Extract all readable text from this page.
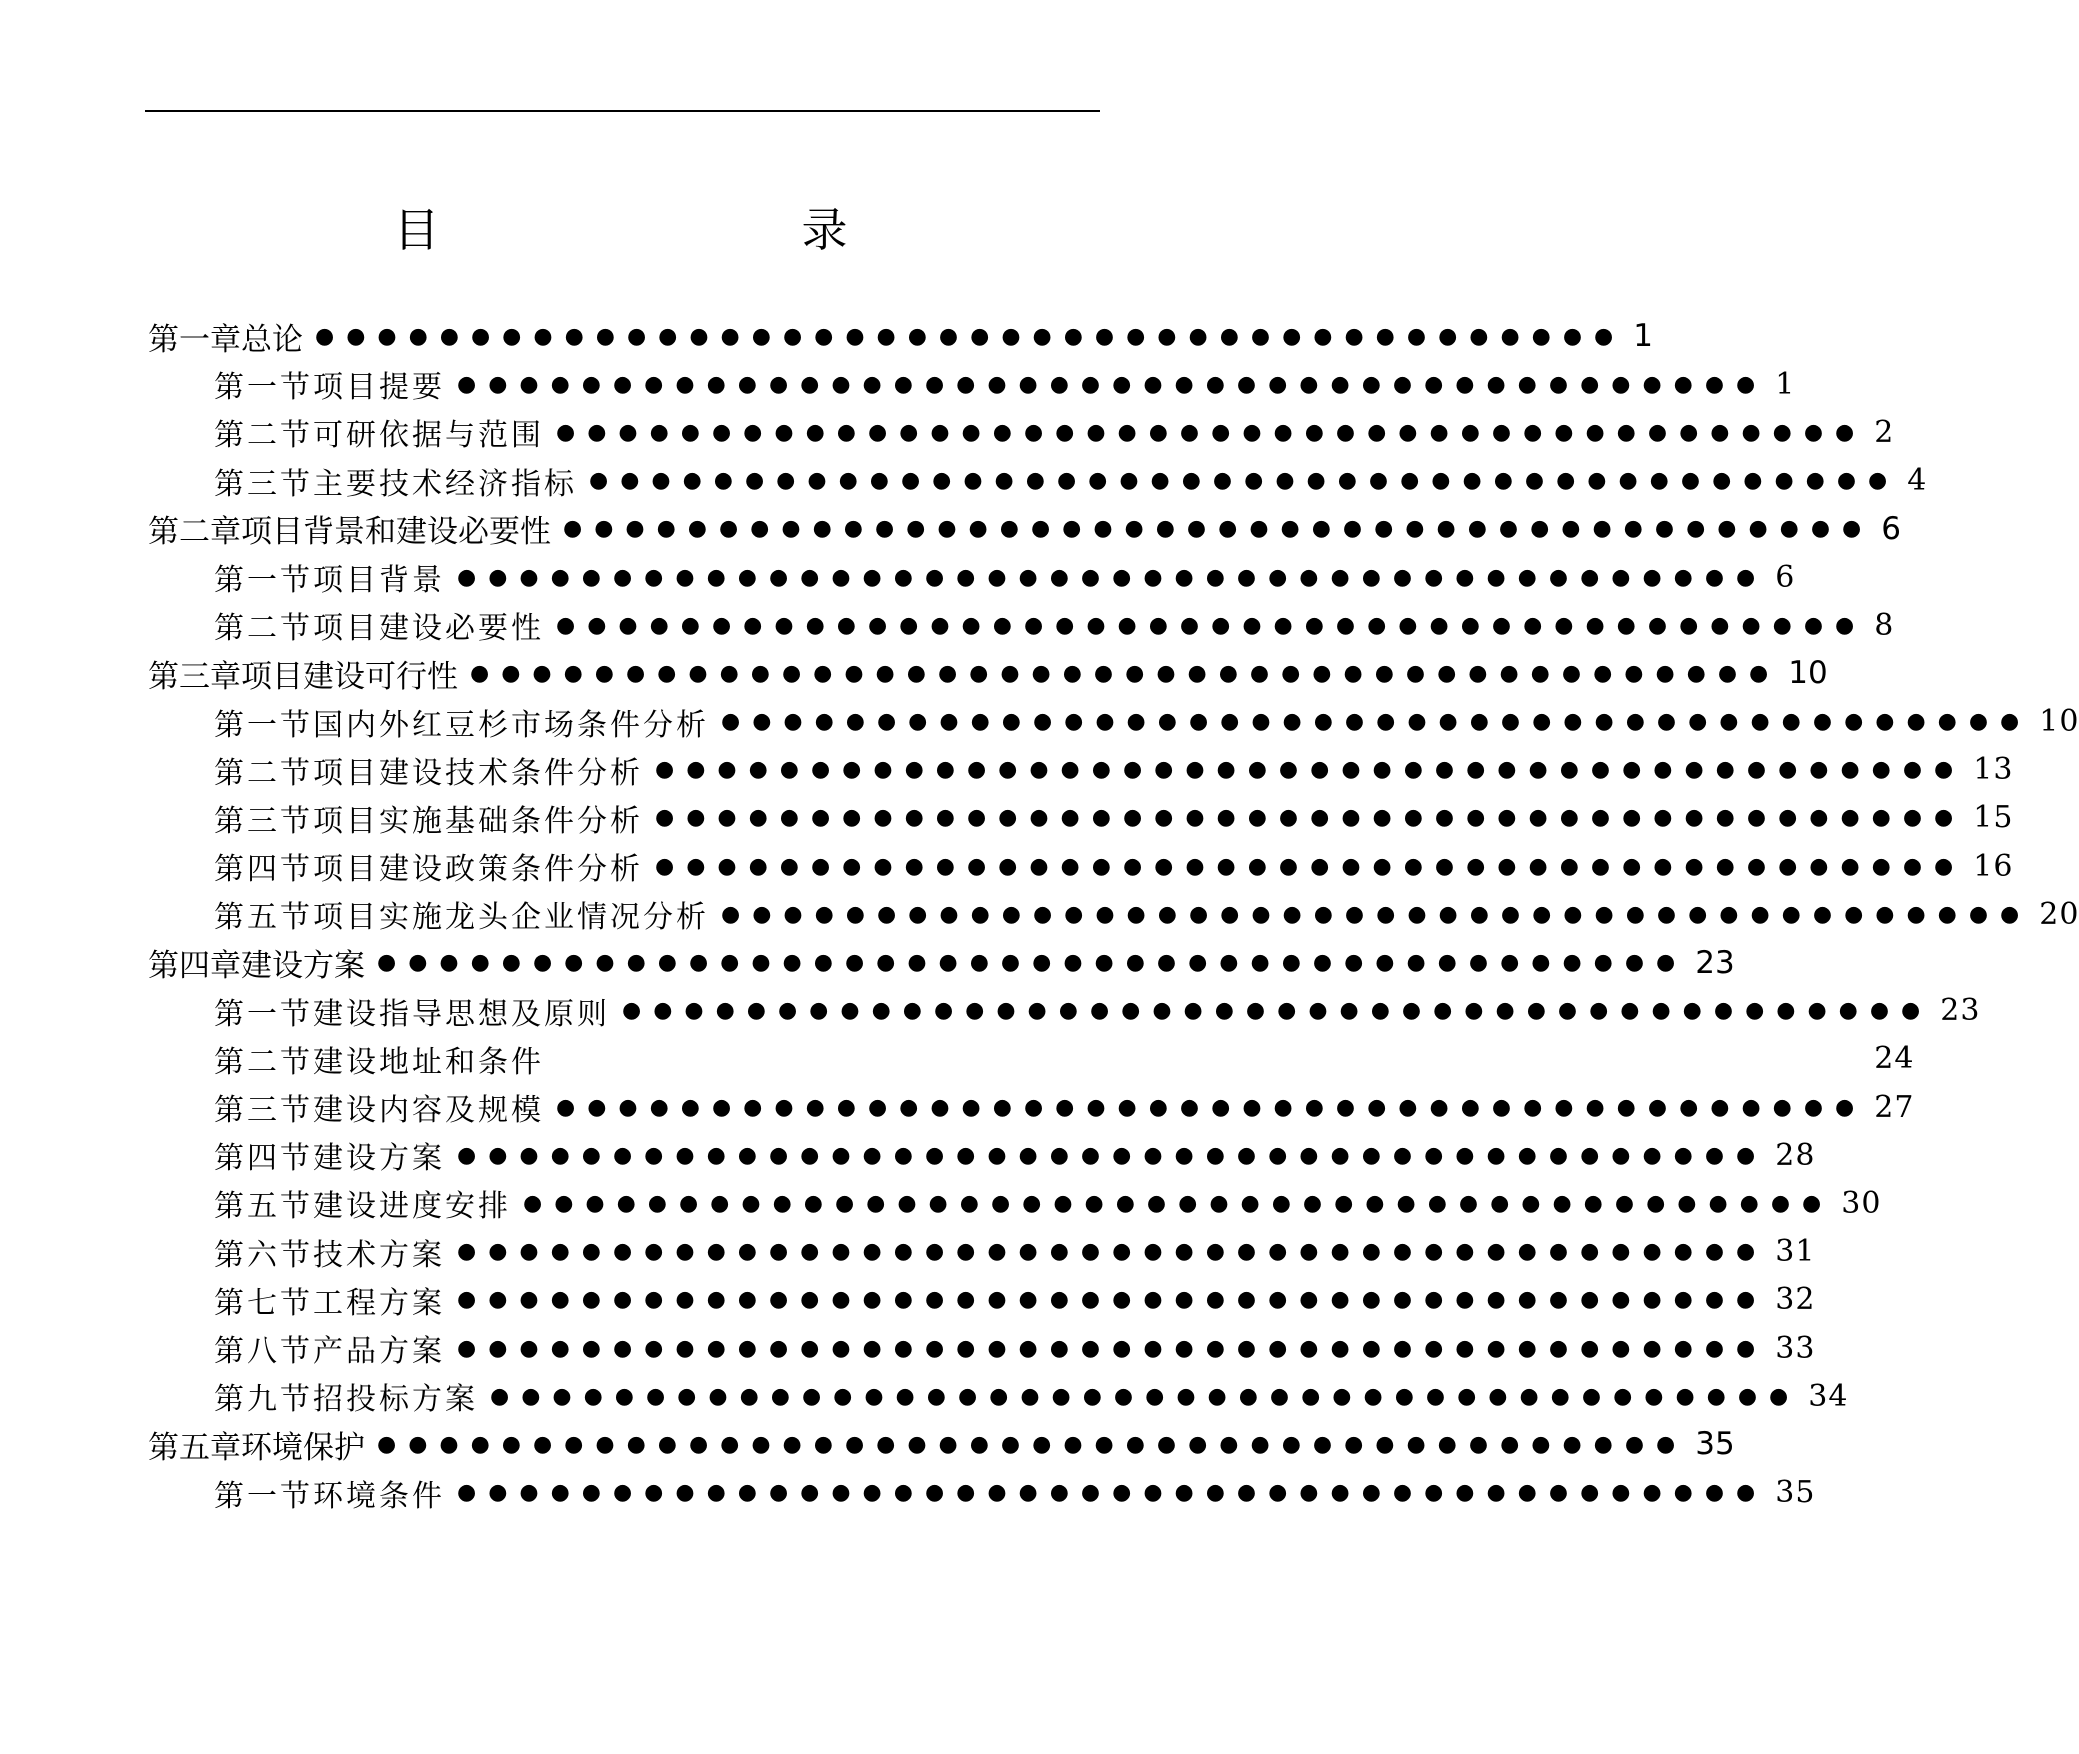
目　　录
第一章 总论 ●●●●●●●●●●●●●●●●●●●●●●●●●●●●●●●●●●●●●●●●●● 1
第一节 项目提要 ●●●●●●●●●●●●●●●●●●●●●●●●●●●●●●●●●●●●●●●●●● 1
第二节 可研依据与范围 ●●●●●●●●●●●●●●●●●●●●●●●●●●●●●●●●●●●●●●●●●● 2
第三节 主要技术经济指标 ●●●●●●●●●●●●●●●●●●●●●●●●●●●●●●●●●●●●●●●●●● 4
第二章 项目背景和建设必要性 ●●●●●●●●●●●●●●●●●●●●●●●●●●●●●●●●●●●●●●●●●● 6
第一节 项目背景 ●●●●●●●●●●●●●●●●●●●●●●●●●●●●●●●●●●●●●●●●●● 6
第二节 项目建设必要性 ●●●●●●●●●●●●●●●●●●●●●●●●●●●●●●●●●●●●●●●●●● 8
第三章 项目建设可行性 ●●●●●●●●●●●●●●●●●●●●●●●●●●●●●●●●●●●●●●●●●● 10
第一节 国内外红豆杉市场条件分析 ●●●●●●●●●●●●●●●●●●●●●●●●●●●●●●●●●●●●●●●●●● 10
第二节 项目建设技术条件分析 ●●●●●●●●●●●●●●●●●●●●●●●●●●●●●●●●●●●●●●●●●● 13
第三节 项目实施基础条件分析 ●●●●●●●●●●●●●●●●●●●●●●●●●●●●●●●●●●●●●●●●●● 15
第四节 项目建设政策条件分析 ●●●●●●●●●●●●●●●●●●●●●●●●●●●●●●●●●●●●●●●●●● 16
第五节 项目实施龙头企业情况分析 ●●●●●●●●●●●●●●●●●●●●●●●●●●●●●●●●●●●●●●●●●● 20
第四章 建设方案 ●●●●●●●●●●●●●●●●●●●●●●●●●●●●●●●●●●●●●●●●●● 23
第一节 建设指导思想及原则 ●●●●●●●●●●●●●●●●●●●●●●●●●●●●●●●●●●●●●●●●●● 23
第二节 建设地址和条件	24
第三节 建设内容及规模 ●●●●●●●●●●●●●●●●●●●●●●●●●●●●●●●●●●●●●●●●●● 27
第四节 建设方案 ●●●●●●●●●●●●●●●●●●●●●●●●●●●●●●●●●●●●●●●●●● 28
第五节 建设进度安排 ●●●●●●●●●●●●●●●●●●●●●●●●●●●●●●●●●●●●●●●●●● 30
第六节 技术方案 ●●●●●●●●●●●●●●●●●●●●●●●●●●●●●●●●●●●●●●●●●● 31
第七节 工程方案 ●●●●●●●●●●●●●●●●●●●●●●●●●●●●●●●●●●●●●●●●●● 32
第八节 产品方案 ●●●●●●●●●●●●●●●●●●●●●●●●●●●●●●●●●●●●●●●●●● 33
第九节 招投标方案 ●●●●●●●●●●●●●●●●●●●●●●●●●●●●●●●●●●●●●●●●●● 34
第五章 环境保护 ●●●●●●●●●●●●●●●●●●●●●●●●●●●●●●●●●●●●●●●●●● 35
第一节 环境条件 ●●●●●●●●●●●●●●●●●●●●●●●●●●●●●●●●●●●●●●●●●● 35
